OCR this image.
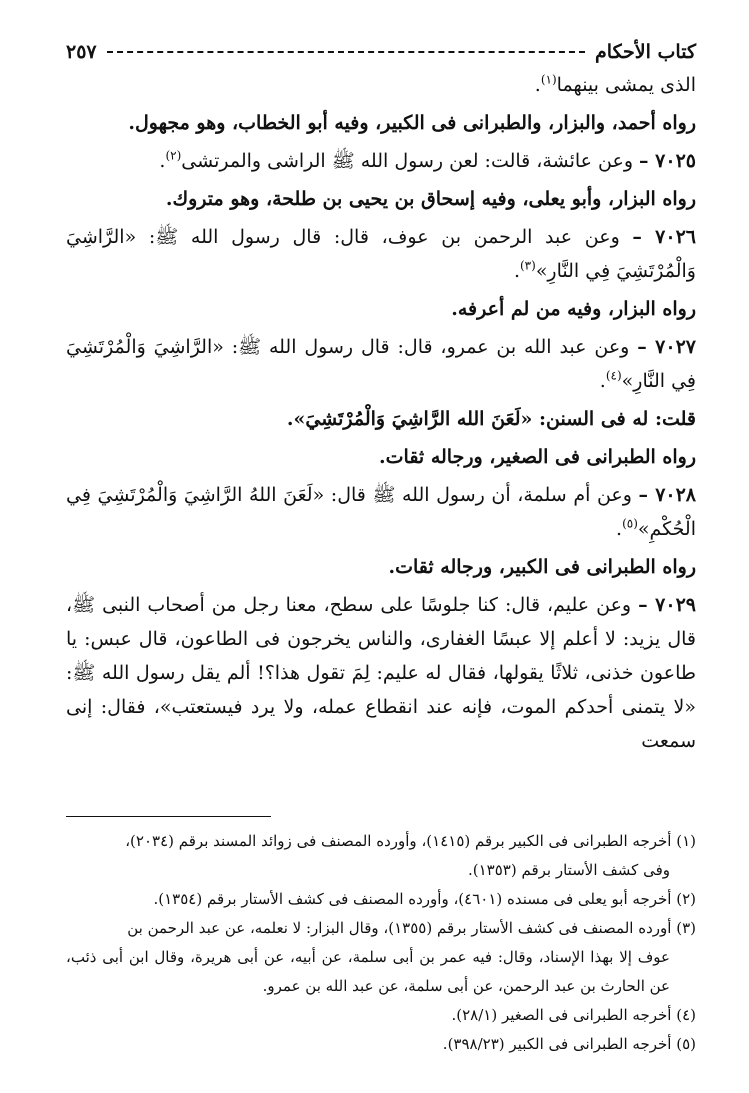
كتاب الأحكام
٢٥٧

الذى يمشى بينهما$^{(١)}$.

رواه أحمد، والبزار، والطبرانى فى الكبير، وفيه أبو الخطاب، وهو مجهول.

٧٠٢٥ – وعن عائشة، قالت: لعن رسول الله ﷺ الراشى والمرتشى$^{(٢)}$.

رواه البزار، وأبو يعلى، وفيه إسحاق بن يحيى بن طلحة، وهو متروك.

٧٠٢٦ – وعن عبد الرحمن بن عوف، قال: قال رسول الله ﷺ: «الرَّاشِيَ وَالْمُرْتَشِيَ فِي النَّارِ»$^{(٣)}$.

رواه البزار، وفيه من لم أعرفه.

٧٠٢٧ – وعن عبد الله بن عمرو، قال: قال رسول الله ﷺ: «الرَّاشِيَ وَالْمُرْتَشِيَ فِي النَّارِ»$^{(٤)}$.

قلت: له فى السنن: «لَعَنَ الله الرَّاشِيَ وَالْمُرْتَشِيَ».

رواه الطبرانى فى الصغير، ورجاله ثقات.

٧٠٢٨ – وعن أم سلمة، أن رسول الله ﷺ قال: «لَعَنَ اللهُ الرَّاشِيَ وَالْمُرْتَشِيَ فِي الْحُكْمِ»$^{(٥)}$.

رواه الطبرانى فى الكبير، ورجاله ثقات.

٧٠٢٩ – وعن عليم، قال: كنا جلوسًا على سطح، معنا رجل من أصحاب النبى ﷺ، قال يزيد: لا أعلم إلا عبسًا الغفارى، والناس يخرجون فى الطاعون، قال عبس: يا طاعون خذنى، ثلاثًا يقولها، فقال له عليم: لِمَ تقول هذا؟! ألم يقل رسول الله ﷺ: «لا يتمنى أحدكم الموت، فإنه عند انقطاع عمله، ولا يرد فيستعتب»، فقال: إنى سمعت

(١) أخرجه الطبرانى فى الكبير برقم (١٤١٥)، وأورده المصنف فى زوائد المسند برقم (٢٠٣٤)،
وفى كشف الأستار برقم (١٣٥٣).

(٢) أخرجه أبو يعلى فى مسنده (٤٦٠١)، وأورده المصنف فى كشف الأستار برقم (١٣٥٤).

(٣) أورده المصنف فى كشف الأستار برقم (١٣٥٥)، وقال البزار: لا نعلمه، عن عبد الرحمن بن
عوف إلا بهذا الإسناد، وقال: فيه عمر بن أبى سلمة، عن أبيه، عن أبى هريرة، وقال ابن أبى ذئب، عن الحارث بن عبد الرحمن، عن أبى سلمة، عن عبد الله بن عمرو.

(٤) أخرجه الطبرانى فى الصغير (٢٨/١).

(٥) أخرجه الطبرانى فى الكبير (٣٩٨/٢٣).
